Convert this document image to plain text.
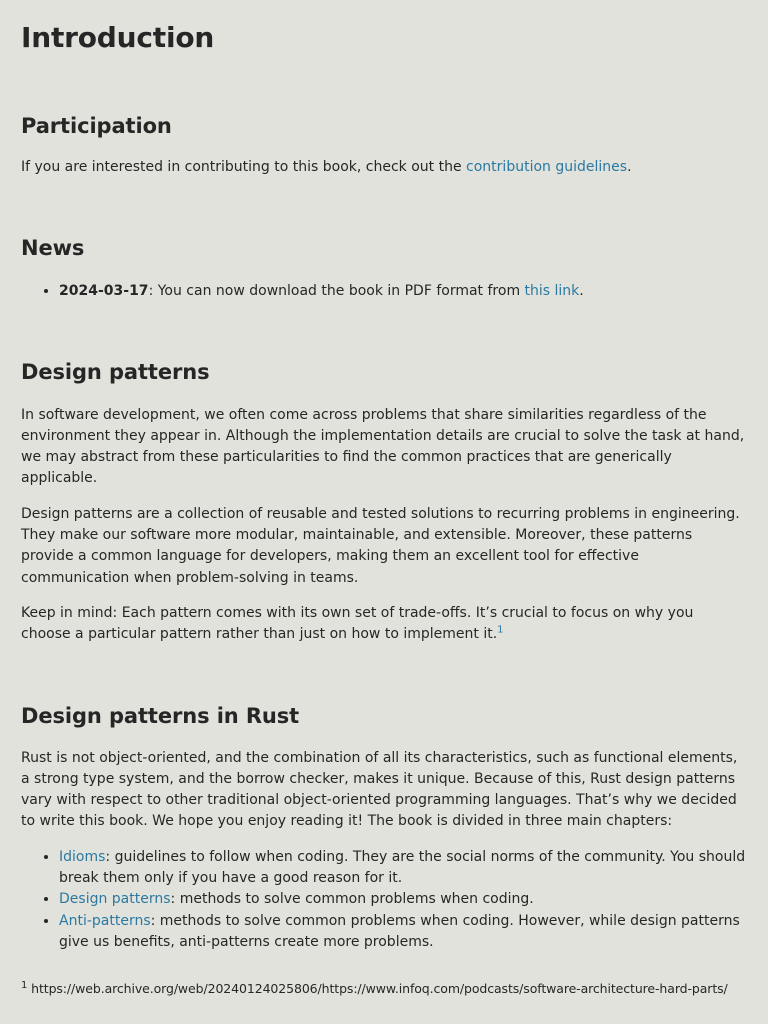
Introduction
Participation

If you are interested in contributing to this book, check out the contribution guidelines.

News
• 2024-03-17: You can now download the book in PDF format from this link.
Design patterns

In software development, we often come across problems that share similarities regardless of the environment they appear in. Although the implementation details are crucial to solve the task at hand, we may abstract from these particularities to find the common practices that are generically applicable.

Design patterns are a collection of reusable and tested solutions to recurring problems in engineering. They make our software more modular, maintainable, and extensible. Moreover, these patterns provide a common language for developers, making them an excellent tool for effective communication when problem-solving in teams.

Keep in mind: Each pattern comes with its own set of trade-offs. It’s crucial to focus on why you choose a particular pattern rather than just on how to implement it.$^1$

Design patterns in Rust

Rust is not object-oriented, and the combination of all its characteristics, such as functional elements, a strong type system, and the borrow checker, makes it unique. Because of this, Rust design patterns vary with respect to other traditional object-oriented programming languages. That’s why we decided to write this book. We hope you enjoy reading it! The book is divided in three main chapters:

• Idioms: guidelines to follow when coding. They are the social norms of the community. You should break them only if you have a good reason for it.
• Design patterns: methods to solve common problems when coding.
• Anti-patterns: methods to solve common problems when coding. However, while design patterns give us benefits, anti-patterns create more problems.
$^1$ https://web.archive.org/web/20240124025806/https://www.infoq.com/podcasts/software-architecture-hard-parts/
